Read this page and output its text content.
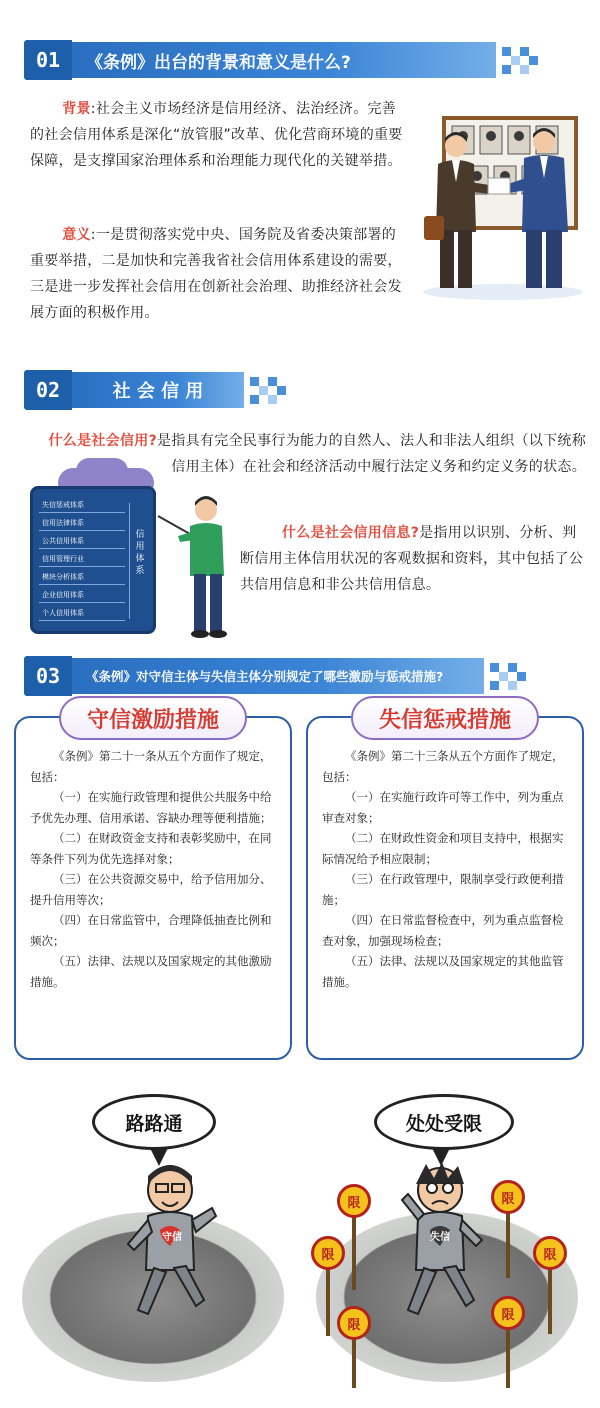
01	《条例》出台的背景和意义是什么?
背景:社会主义市场经济是信用经济、法治经济。完善的社会信用体系是深化“放管服”改革、优化营商环境的重要保障，是支撑国家治理体系和治理能力现代化的关键举措。
意义:一是贯彻落实党中央、国务院及省委决策部署的重要举措，二是加快和完善我省社会信用体系建设的需要，三是进一步发挥社会信用在创新社会治理、助推经济社会发展方面的积极作用。
02	社 会 信 用
什么是社会信用?是指具有完全民事行为能力的自然人、法人和非法人组织（以下统称信用主体）在社会和经济活动中履行法定义务和约定义务的状态。
什么是社会信用信息?是指用以识别、分析、判断信用主体信用状况的客观数据和资料，其中包括了公共信用信息和非公共信用信息。
失信惩戒体系
信用法律体系
公共信用体系
信用管理行业
模块分析体系
企业信用体系
个人信用体系
信用体系
03	《条例》对守信主体与失信主体分别规定了哪些激励与惩戒措施?
守信激励措施

《条例》第二十一条从五个方面作了规定，包括：

（一）在实施行政管理和提供公共服务中给予优先办理、信用承诺、容缺办理等便利措施；

（二）在财政资金支持和表彰奖励中，在同等条件下列为优先选择对象；

（三）在公共资源交易中，给予信用加分、提升信用等次；

（四）在日常监管中，合理降低抽查比例和频次；

（五）法律、法规以及国家规定的其他激励措施。

失信惩戒措施

《条例》第二十三条从五个方面作了规定，包括：

（一）在实施行政许可等工作中，列为重点审查对象；

（二）在财政性资金和项目支持中，根据实际情况给予相应限制；

（三）在行政管理中，限制享受行政便利措施；

（四）在日常监督检查中，列为重点监督检查对象，加强现场检查；

（五）法律、法规以及国家规定的其他监管措施。

路路通
守信
处处受限
限
限
限
限
限
限
失信
